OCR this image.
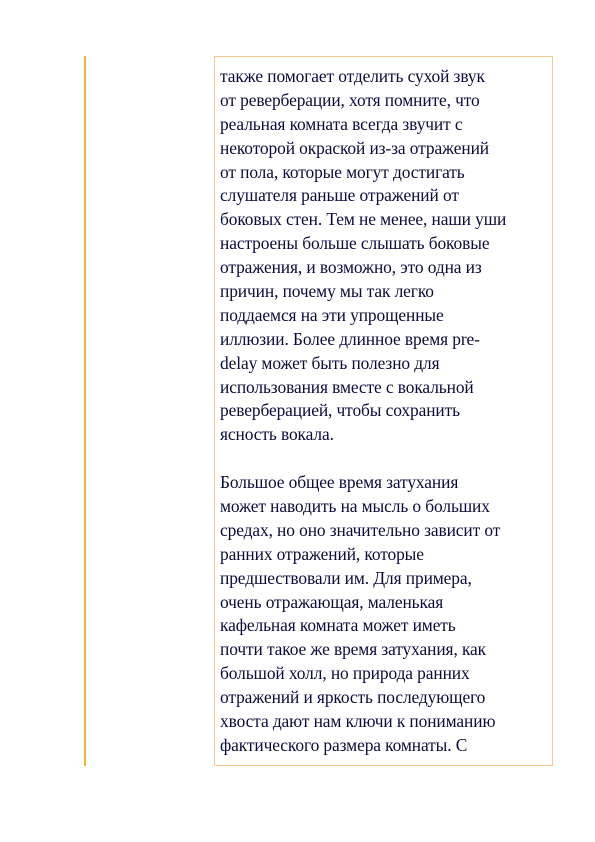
также помогает отделить сухой звук
от реверберации, хотя помните, что
реальная комната всегда звучит с
некоторой окраской из-за отражений
от пола, которые могут достигать
слушателя раньше отражений от
боковых стен. Тем не менее, наши уши
настроены больше слышать боковые
отражения, и возможно, это одна из
причин, почему мы так легко
поддаемся на эти упрощенные
иллюзии. Более длинное время pre-
delay может быть полезно для
использования вместе с вокальной
реверберацией, чтобы сохранить
ясность вокала.

Большое общее время затухания
может наводить на мысль о больших
средах, но оно значительно зависит от
ранних отражений, которые
предшествовали им. Для примера,
очень отражающая, маленькая
кафельная комната может иметь
почти такое же время затухания, как
большой холл, но природа ранних
отражений и яркость последующего
хвоста дают нам ключи к пониманию
фактического размера комнаты. С
